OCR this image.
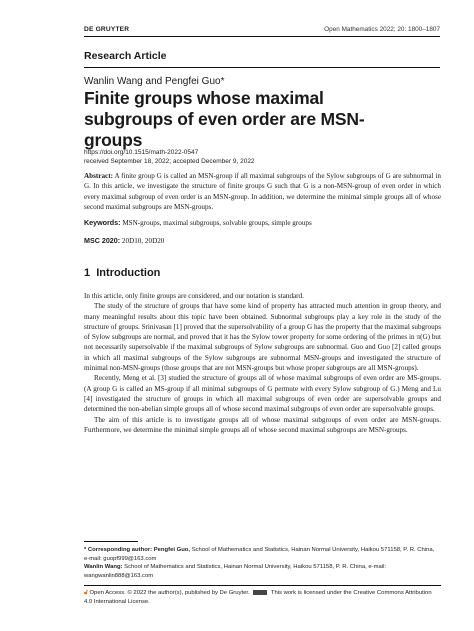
DE GRUYTER	Open Mathematics 2022; 20: 1800–1807
Research Article
Wanlin Wang and Pengfei Guo*
Finite groups whose maximal subgroups of even order are MSN-groups
https://doi.org/10.1515/math-2022-0547
received September 18, 2022; accepted December 9, 2022
Abstract: A finite group G is called an MSN-group if all maximal subgroups of the Sylow subgroups of G are subnormal in G. In this article, we investigate the structure of finite groups G such that G is a non-MSN-group of even order in which every maximal subgroup of even order is an MSN-group. In addition, we determine the minimal simple groups all of whose second maximal subgroups are MSN-groups.
Keywords: MSN-groups, maximal subgroups, solvable groups, simple groups
MSC 2020: 20D10, 20D20
1 Introduction

In this article, only finite groups are considered, and our notation is standard.

The study of the structure of groups that have some kind of property has attracted much attention in group theory, and many meaningful results about this topic have been obtained. Subnormal subgroups play a key role in the study of the structure of groups. Srinivasan [1] proved that the supersolvability of a group G has the property that the maximal subgroups of Sylow subgroups are normal, and proved that it has the Sylow tower property for some ordering of the primes in π(G) but not necessarily supersolvable if the maximal subgroups of Sylow subgroups are subnormal. Guo and Guo [2] called groups in which all maximal subgroups of the Sylow subgroups are subnormal MSN-groups and investigated the structure of minimal non-MSN-groups (those groups that are not MSN-groups but whose proper subgroups are all MSN-groups).

Recently, Meng et al. [3] studied the structure of groups all of whose maximal subgroups of even order are MS-groups. (A group G is called an MS-group if all minimal subgroups of G permute with every Sylow subgroup of G.) Meng and Lu [4] investigated the structure of groups in which all maximal subgroups of even order are supersolvable groups and determined the non-abelian simple groups all of whose second maximal subgroups of even order are supersolvable groups.

The aim of this article is to investigate groups all of whose maximal subgroups of even order are MSN-groups. Furthermore, we determine the minimal simple groups all of whose second maximal subgroups are MSN-groups.

* Corresponding author: Pengfei Guo, School of Mathematics and Statistics, Hainan Normal University, Haikou 571158, P. R. China, e-mail: guopf999@163.com

Wanlin Wang: School of Mathematics and Statistics, Hainan Normal University, Haikou 571158, P. R. China, e-mail: wangwanlin888@163.com

🔓︎ Open Access. © 2022 the author(s), published by De Gruyter.	This work is licensed under the Creative Commons Attribution 4.0 International License.
